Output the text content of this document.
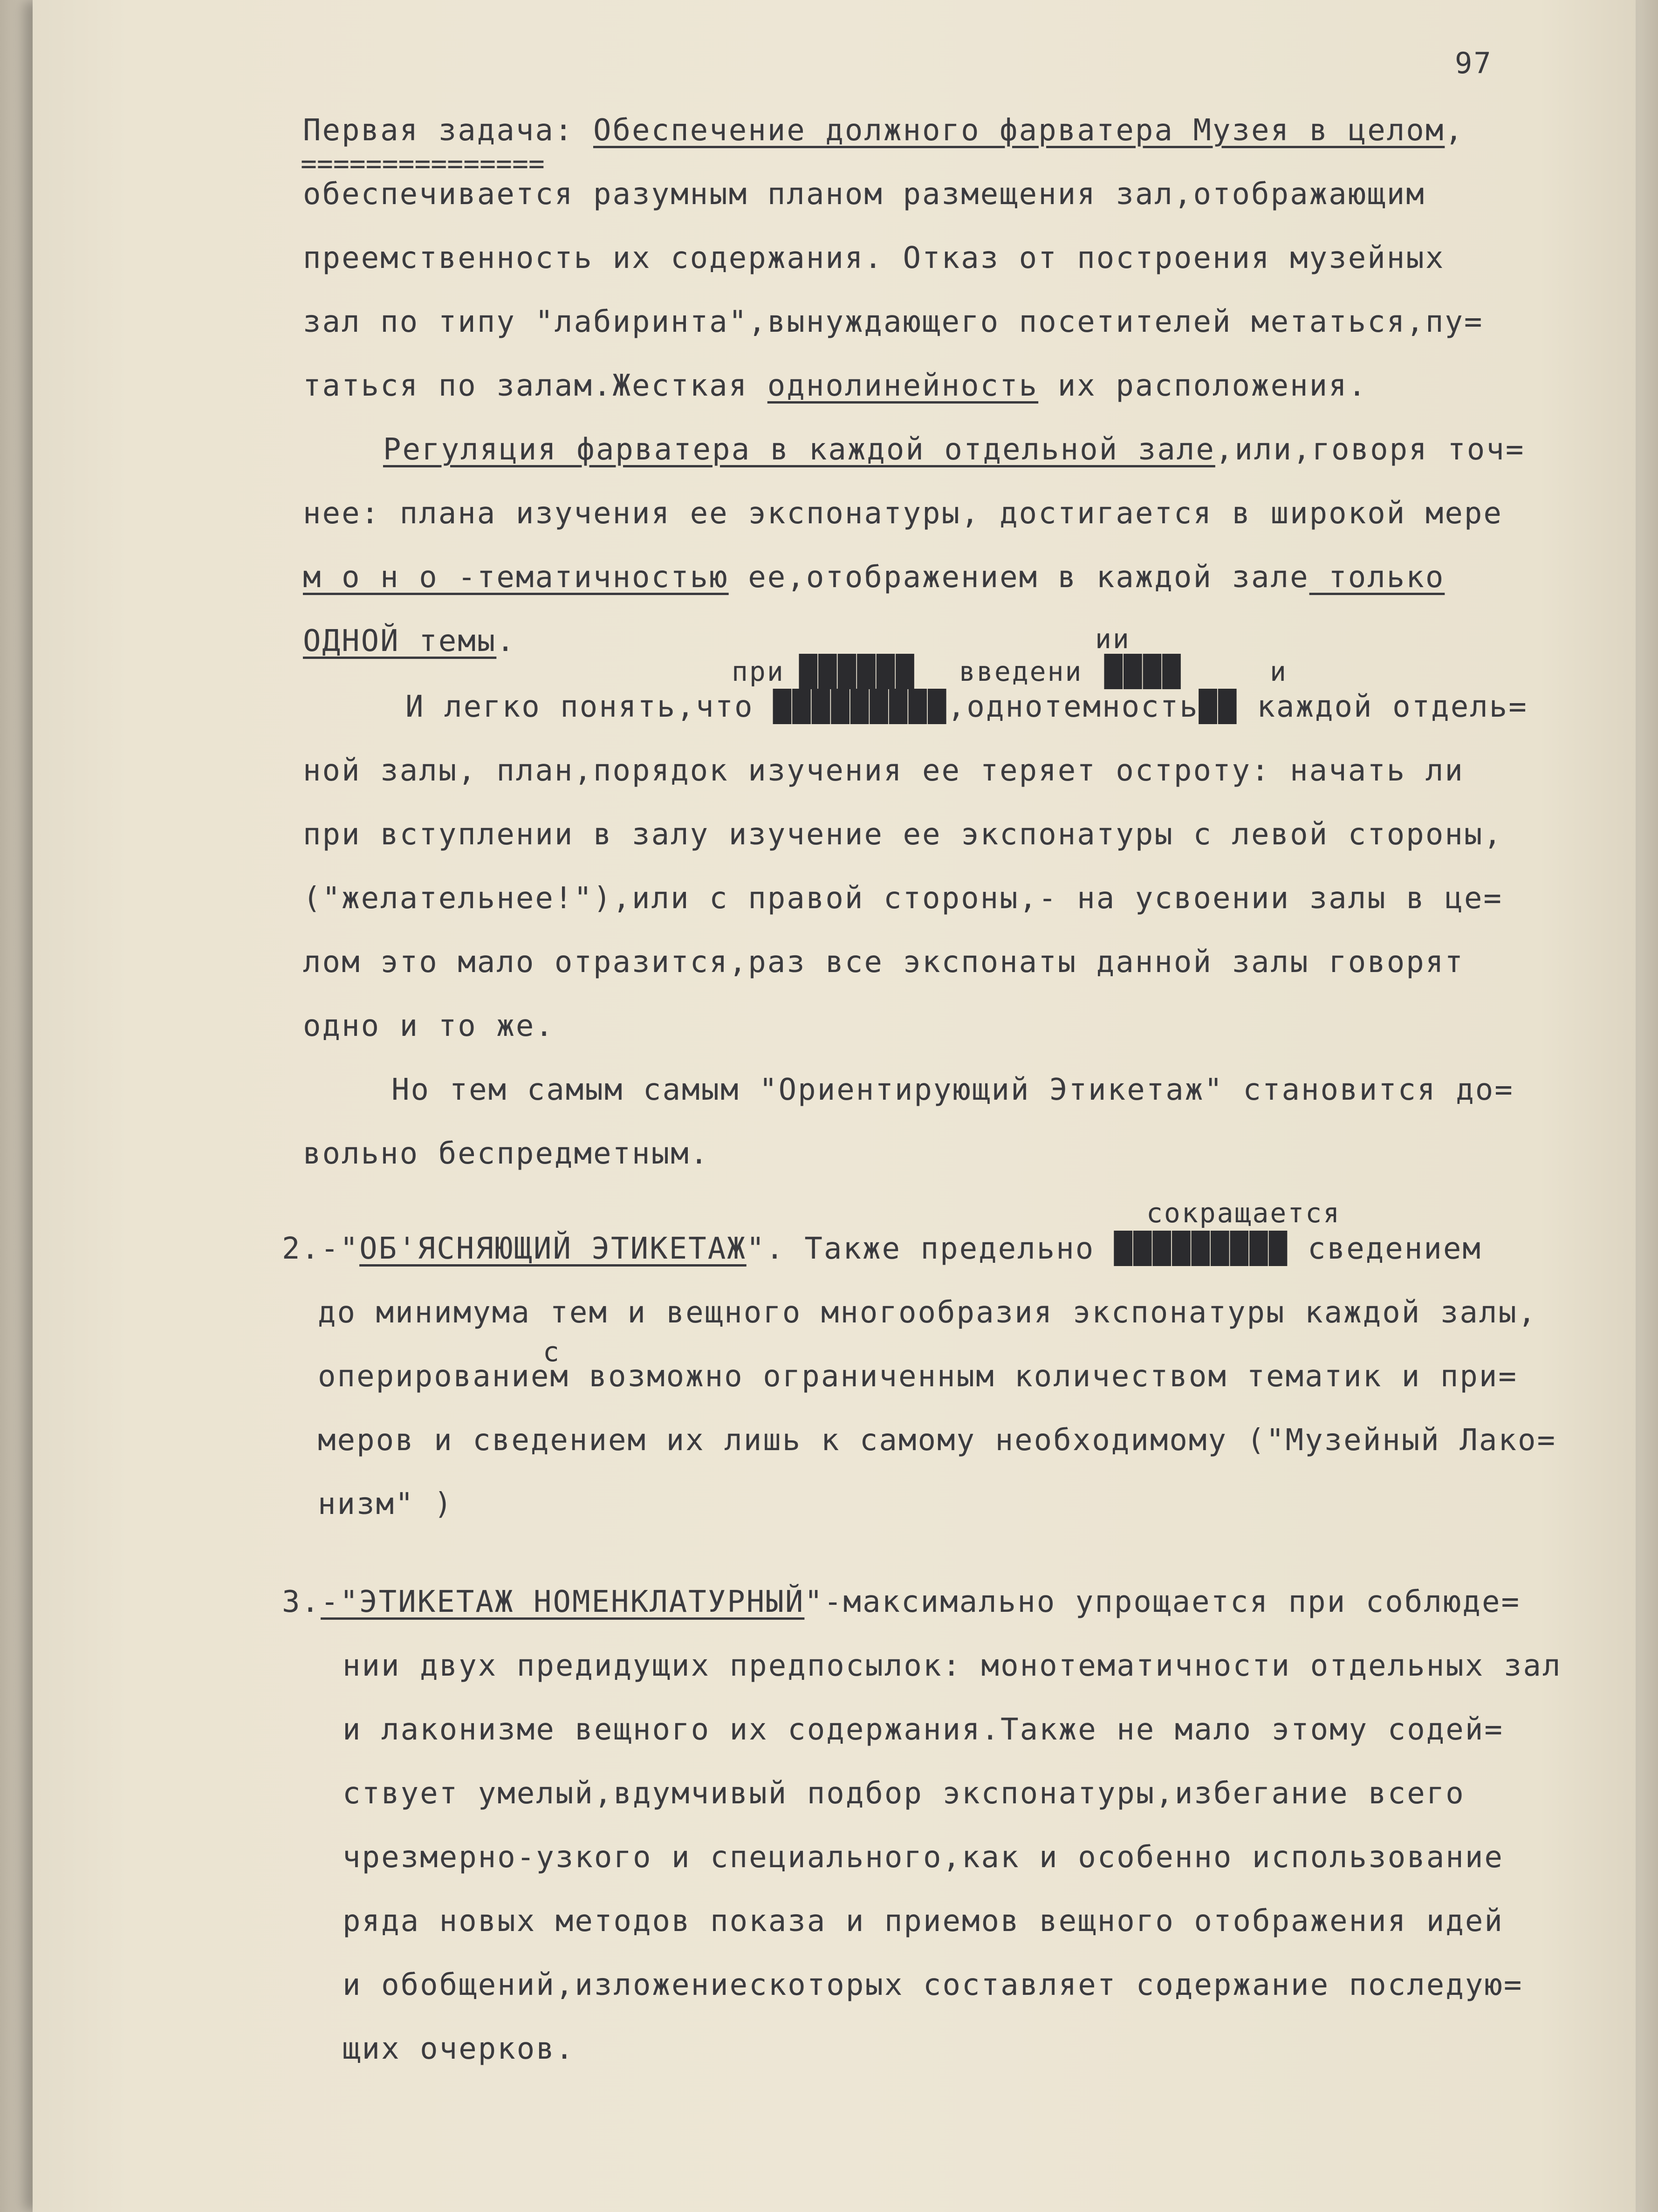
97
Первая задача: Обеспечение должного фарватера Музея в целом,
===============
обеспечивается разумным планом размещения зал,отображающим
преемственность их содержания. Отказ от построения музейных
зал по типу "лабиринта",вынуждающего посетителей метаться,пу=
таться по залам.Жесткая однолинейность их расположения.
Регуляция фарватера в каждой отдельной зале,или,говоря точ=
нее: плана изучения ее экспонатуры, достигается в широкой мере
м о н о -тематичностью ее,отображением в каждой зале только
ОДНОЙ темы.	ии
при ██████ введени ████	и
И легко понять,что █████████,однотемность██ каждой отдель=
ной залы, план,порядок изучения ее теряет остроту: начать ли
при вступлении в залу изучение ее экспонатуры с левой стороны,
("желательнее!"),или с правой стороны,- на усвоении залы в це=
лом это мало отразится,раз все экспонаты данной залы говорят
одно и то же.
Но тем самым самым "Ориентирующий Этикетаж" становится до=
вольно беспредметным.
сокращается
2.-"ОБ'ЯСНЯЮЩИЙ ЭТИКЕТАЖ". Также предельно █████████ сведением
до минимума тем и вещного многообразия экспонатуры каждой залы,
с
оперированием возможно ограниченным количеством тематик и при=
меров и сведением их лишь к самому необходимому ("Музейный Лако=
низм" )
3.-"ЭТИКЕТАЖ НОМЕНКЛАТУРНЫЙ"-максимально упрощается при соблюде=
нии двух предидущих предпосылок: монотематичности отдельных зал
и лаконизме вещного их содержания.Также не мало этому содей=
ствует умелый,вдумчивый подбор экспонатуры,избегание всего
чрезмерно-узкого и специального,как и особенно использование
ряда новых методов показа и приемов вещного отображения идей
и обобщений,изложениескоторых составляет содержание последую=
щих очерков.
